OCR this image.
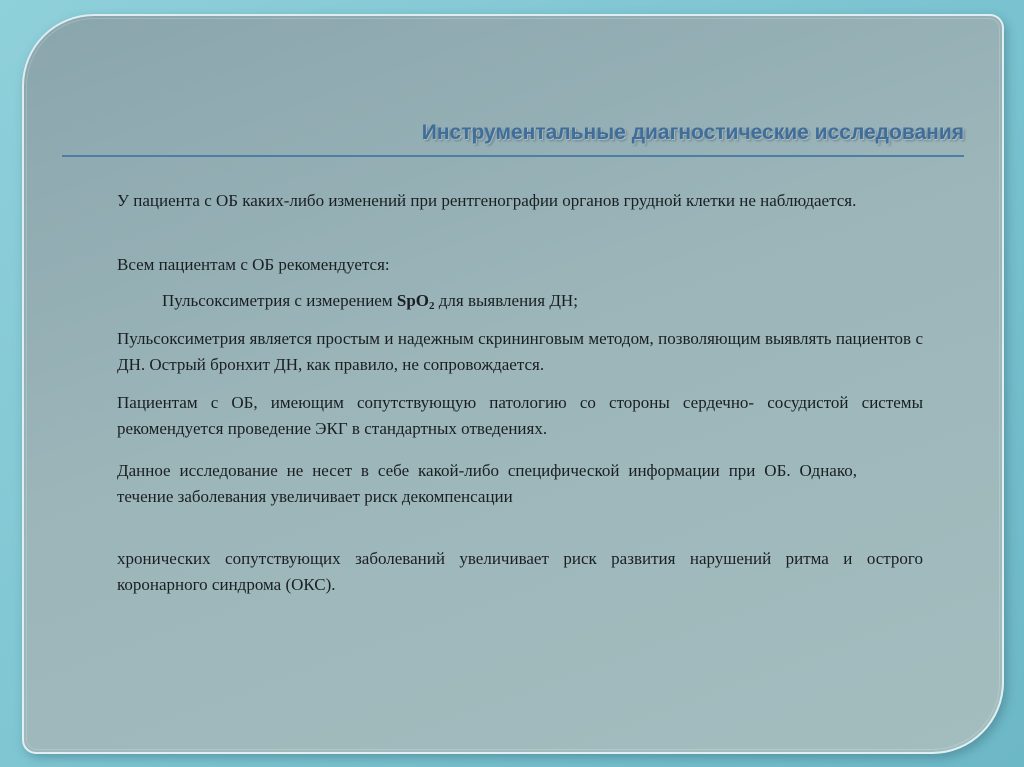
Инструментальные диагностические исследования

У пациента с ОБ каких-либо изменений при рентгенографии органов грудной клетки не наблюдается.

Всем пациентам с ОБ рекомендуется:

Пульсоксиметрия с измерением SpO$_2$ для выявления ДН;

Пульсоксиметрия является простым и надежным скрининговым методом, позволяющим выявлять пациентов с ДН. Острый бронхит ДН, как правило, не сопровождается.

Пациентам с ОБ, имеющим сопутствующую патологию со стороны сердечно- сосудистой системы рекомендуется проведение ЭКГ в стандартных отведениях.

Данное исследование не несет в себе какой-либо специфической информации при ОБ. Однако, течение заболевания увеличивает риск декомпенсации

хронических сопутствующих заболеваний увеличивает риск развития нарушений ритма и острого коронарного синдрома (ОКС).
